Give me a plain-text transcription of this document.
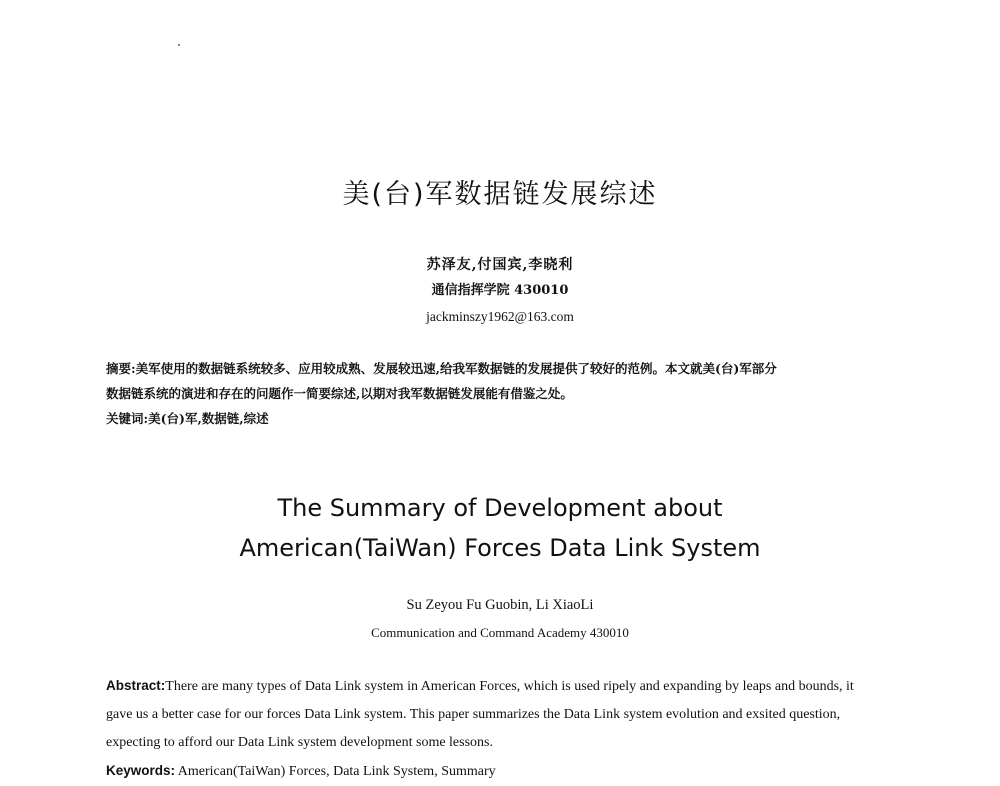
美(台)军数据链发展综述
苏泽友,付国宾,李晓利
通信指挥学院 430010
jackminszy1962@163.com

摘要:美军使用的数据链系统较多、应用较成熟、发展较迅速,给我军数据链的发展提供了较好的范例。本文就美(台)军部分

数据链系统的演进和存在的问题作一简要综述,以期对我军数据链发展能有借鉴之处。

关键词:美(台)军,数据链,综述

The Summary of Development about
American(TaiWan) Forces Data Link System
Su Zeyou Fu Guobin, Li XiaoLi
Communication and Command Academy 430010

Abstract:There are many types of Data Link system in American Forces, which is used ripely and expanding by leaps and bounds, it

gave us a better case for our forces Data Link system. This paper summarizes the Data Link system evolution and exsited question,

expecting to afford our Data Link system development some lessons.

Keywords: American(TaiWan) Forces, Data Link System, Summary
